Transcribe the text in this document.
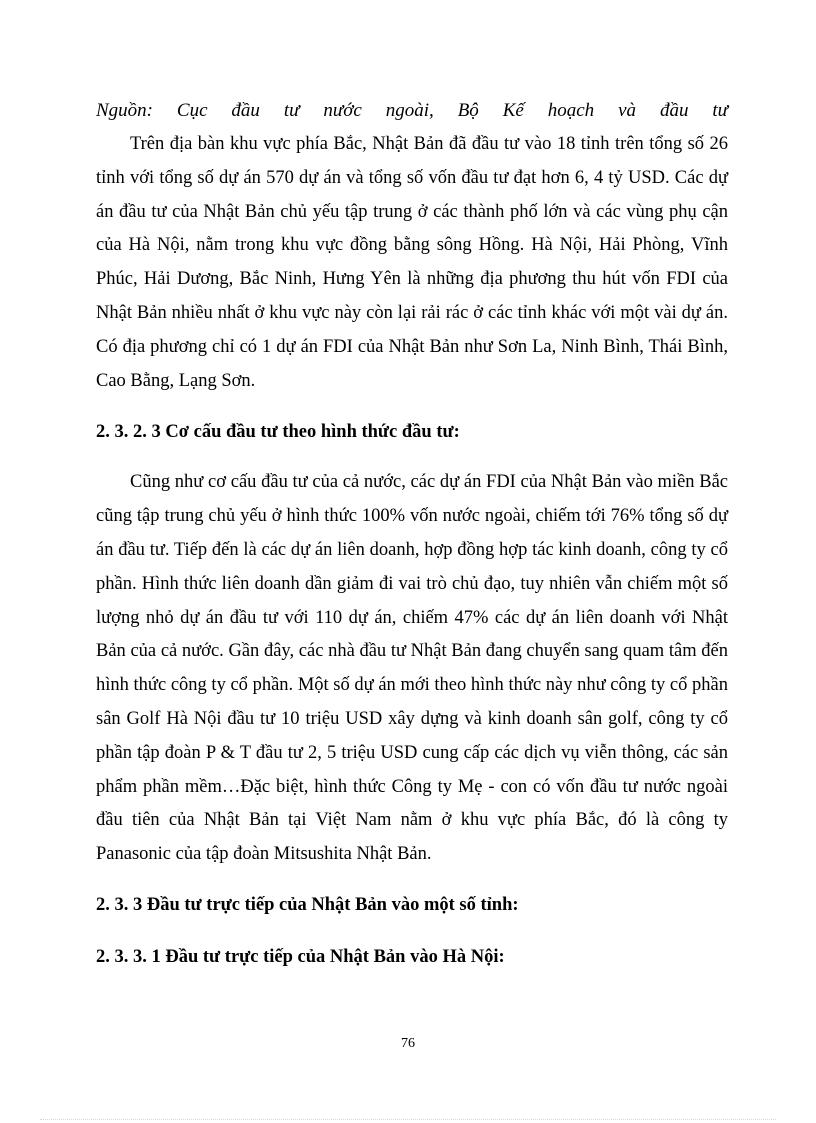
Nguồn: Cục đầu tư nước ngoài, Bộ Kế hoạch và đầu tư

Trên địa bàn khu vực phía Bắc, Nhật Bản đã đầu tư vào 18 tỉnh trên tổng số 26 tỉnh với tổng số dự án 570 dự án và tổng số vốn đầu tư đạt hơn 6, 4 tỷ USD. Các dự án đầu tư của Nhật Bản chủ yếu tập trung ở các thành phố lớn và các vùng phụ cận của Hà Nội, nằm trong khu vực đồng bằng sông Hồng. Hà Nội, Hải Phòng, Vĩnh Phúc, Hải Dương, Bắc Ninh, Hưng Yên là những địa phương thu hút vốn FDI của Nhật Bản nhiều nhất ở khu vực này còn lại rải rác ở các tỉnh khác với một vài dự án. Có địa phương chỉ có 1 dự án FDI của Nhật Bản như Sơn La, Ninh Bình, Thái Bình, Cao Bằng, Lạng Sơn.

2. 3. 2. 3 Cơ cấu đầu tư theo hình thức đầu tư:

Cũng như cơ cấu đầu tư của cả nước, các dự án FDI của Nhật Bản vào miền Bắc cũng tập trung chủ yếu ở hình thức 100% vốn nước ngoài, chiếm tới 76% tổng số dự án đầu tư. Tiếp đến là các dự án liên doanh, hợp đồng hợp tác kinh doanh, công ty cổ phần. Hình thức liên doanh dần giảm đi vai trò chủ đạo, tuy nhiên vẫn chiếm một số lượng nhỏ dự án đầu tư với 110 dự án, chiếm 47% các dự án liên doanh với Nhật Bản của cả nước. Gần đây, các nhà đầu tư Nhật Bản đang chuyển sang quam tâm đến hình thức công ty cổ phần. Một số dự án mới theo hình thức này như công ty cổ phần sân Golf Hà Nội đầu tư 10 triệu USD xây dựng và kinh doanh sân golf, công ty cổ phần tập đoàn P & T đầu tư 2, 5 triệu USD cung cấp các dịch vụ viễn thông, các sản phẩm phần mềm…Đặc biệt, hình thức Công ty Mẹ - con có vốn đầu tư nước ngoài đầu tiên của Nhật Bản tại Việt Nam nằm ở khu vực phía Bắc, đó là công ty Panasonic của tập đoàn Mitsushita Nhật Bản.

2. 3. 3 Đầu tư trực tiếp của Nhật Bản vào một số tỉnh:

2. 3. 3. 1 Đầu tư trực tiếp của Nhật Bản vào Hà Nội:

76
